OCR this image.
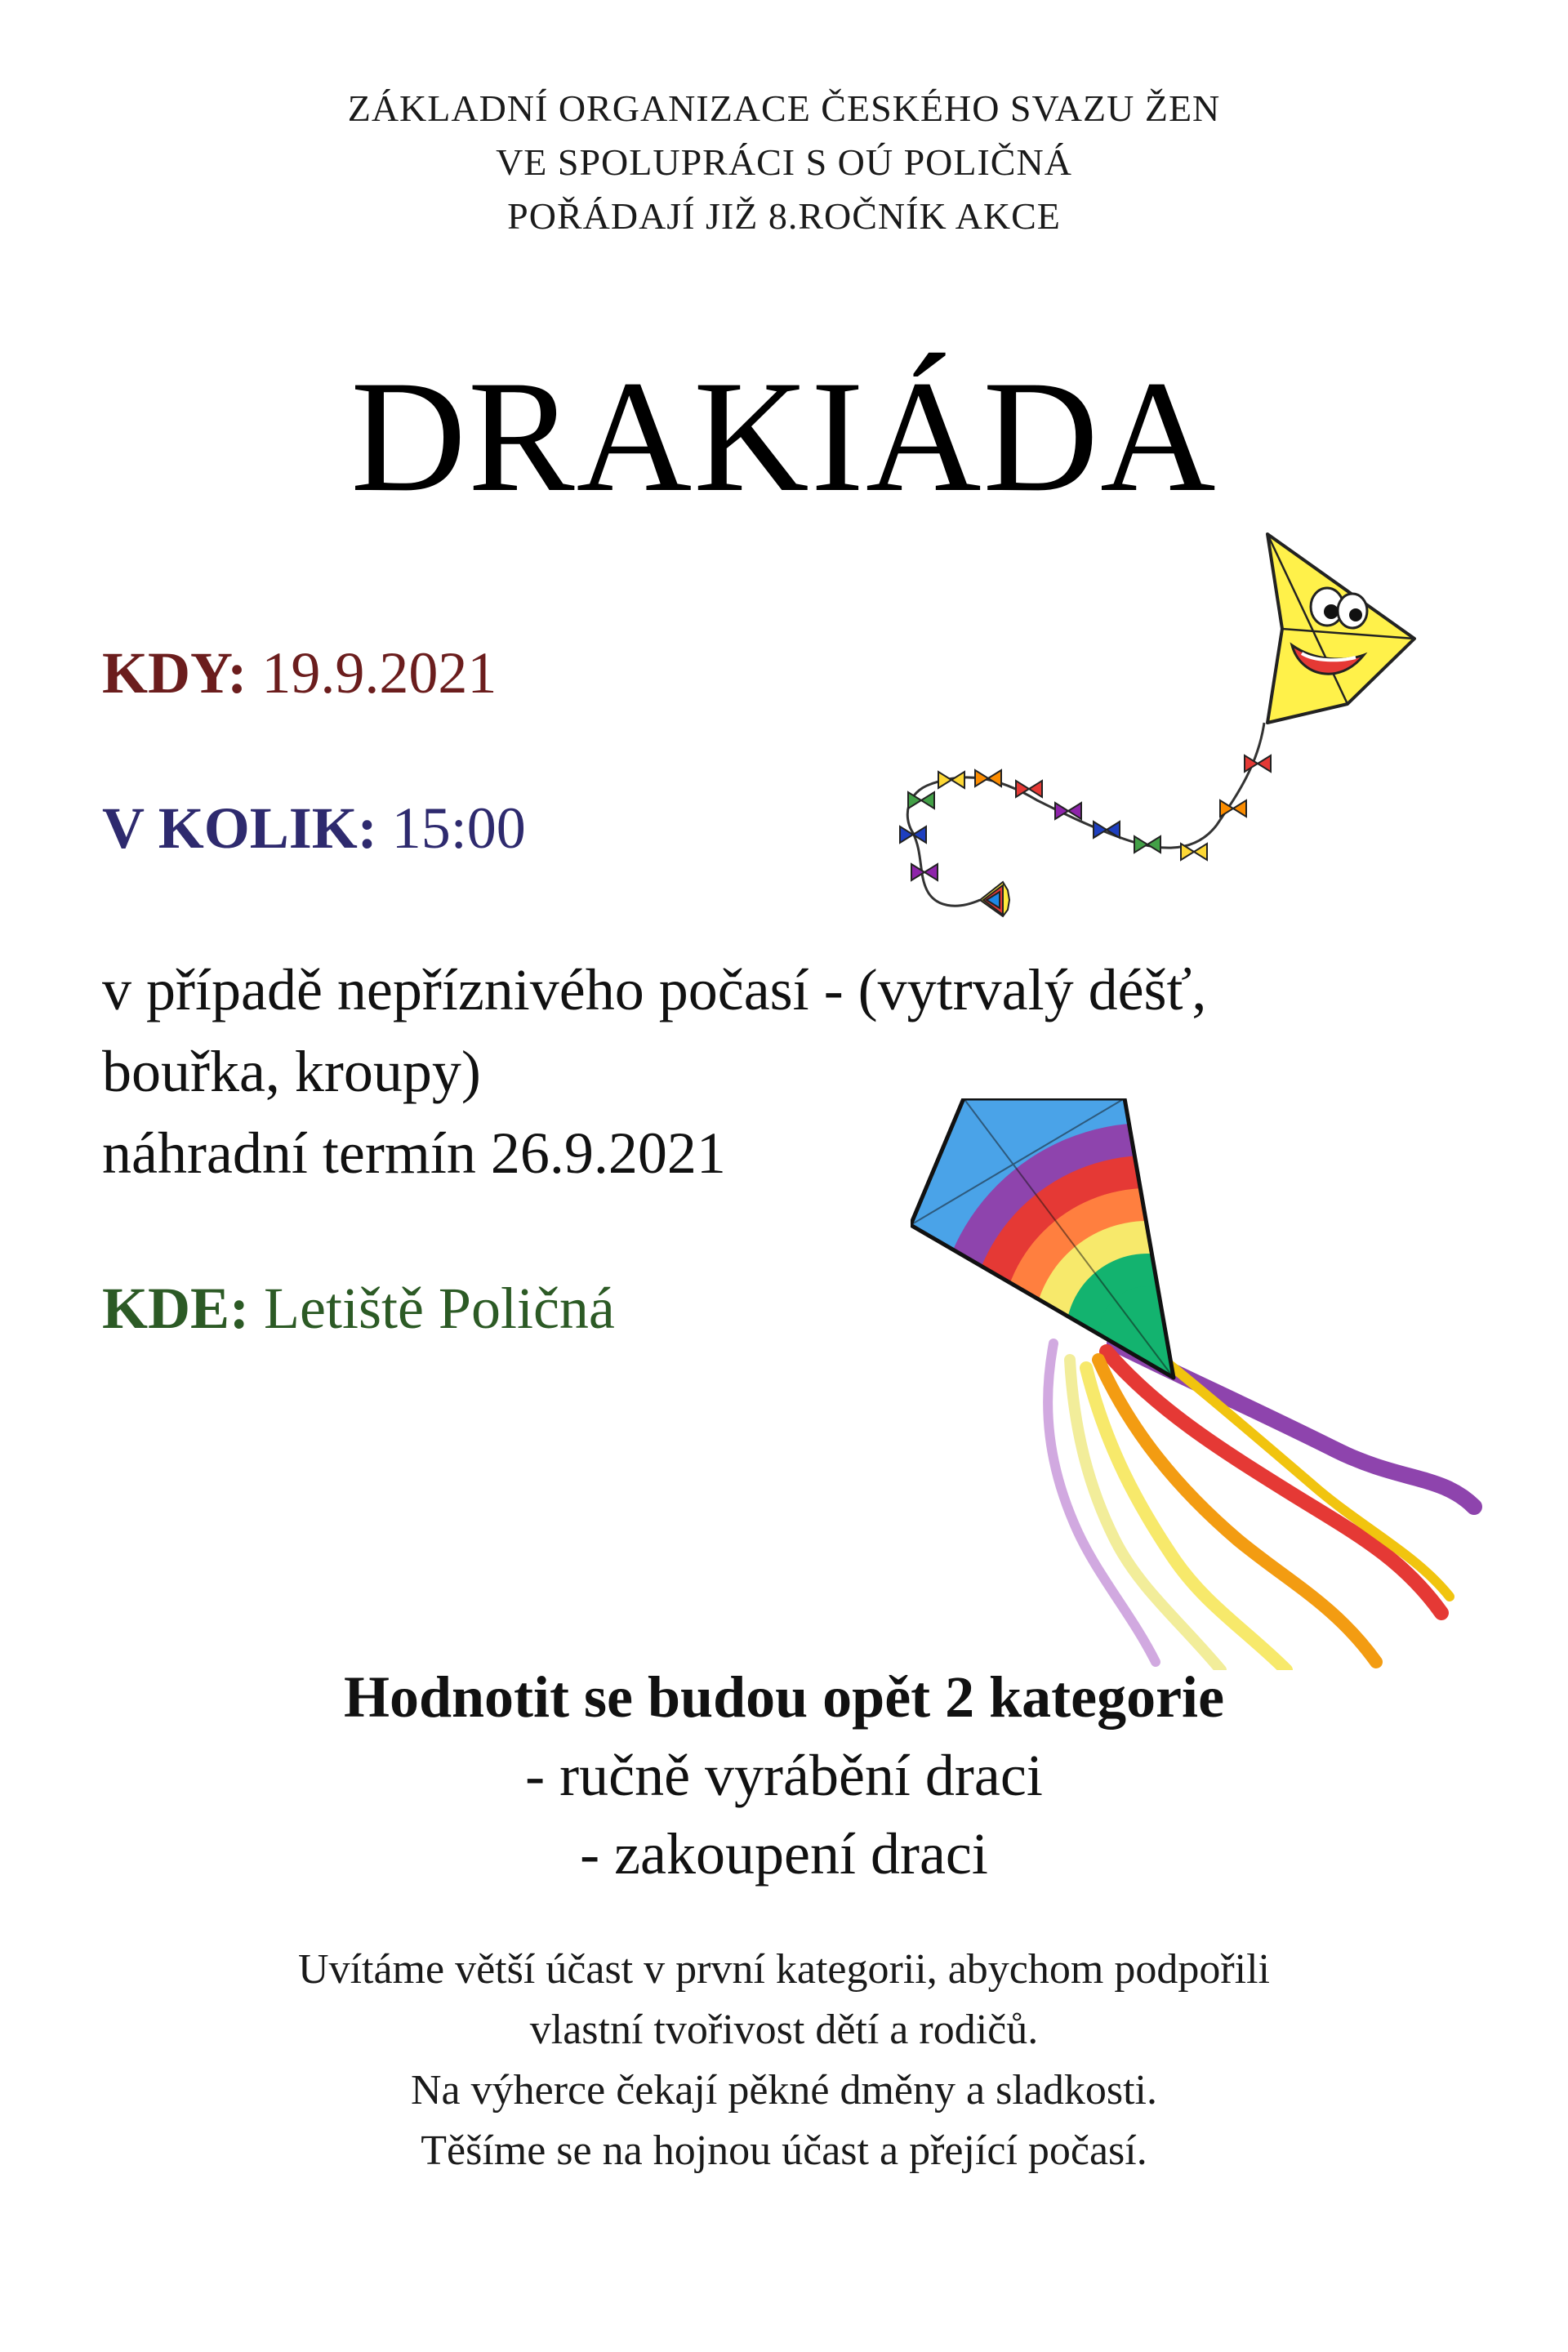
ZÁKLADNÍ ORGANIZACE ČESKÉHO SVAZU ŽEN
VE SPOLUPRÁCI S OÚ POLIČNÁ
POŘÁDAJÍ JIŽ 8.ROČNÍK AKCE
DRAKIÁDA
KDY: 19.9.2021
V KOLIK: 15:00
v případě nepříznivého počasí - (vytrvalý déšť,
bouřka, kroupy)
náhradní termín 26.9.2021
KDE: Letiště Poličná
Hodnotit se budou opět 2 kategorie
- ručně vyrábění draci
- zakoupení draci
Uvítáme větší účast v první kategorii, abychom podpořili
vlastní tvořivost dětí a rodičů.
Na výherce čekají pěkné dměny a sladkosti.
Těšíme se na hojnou účast a přející počasí.
